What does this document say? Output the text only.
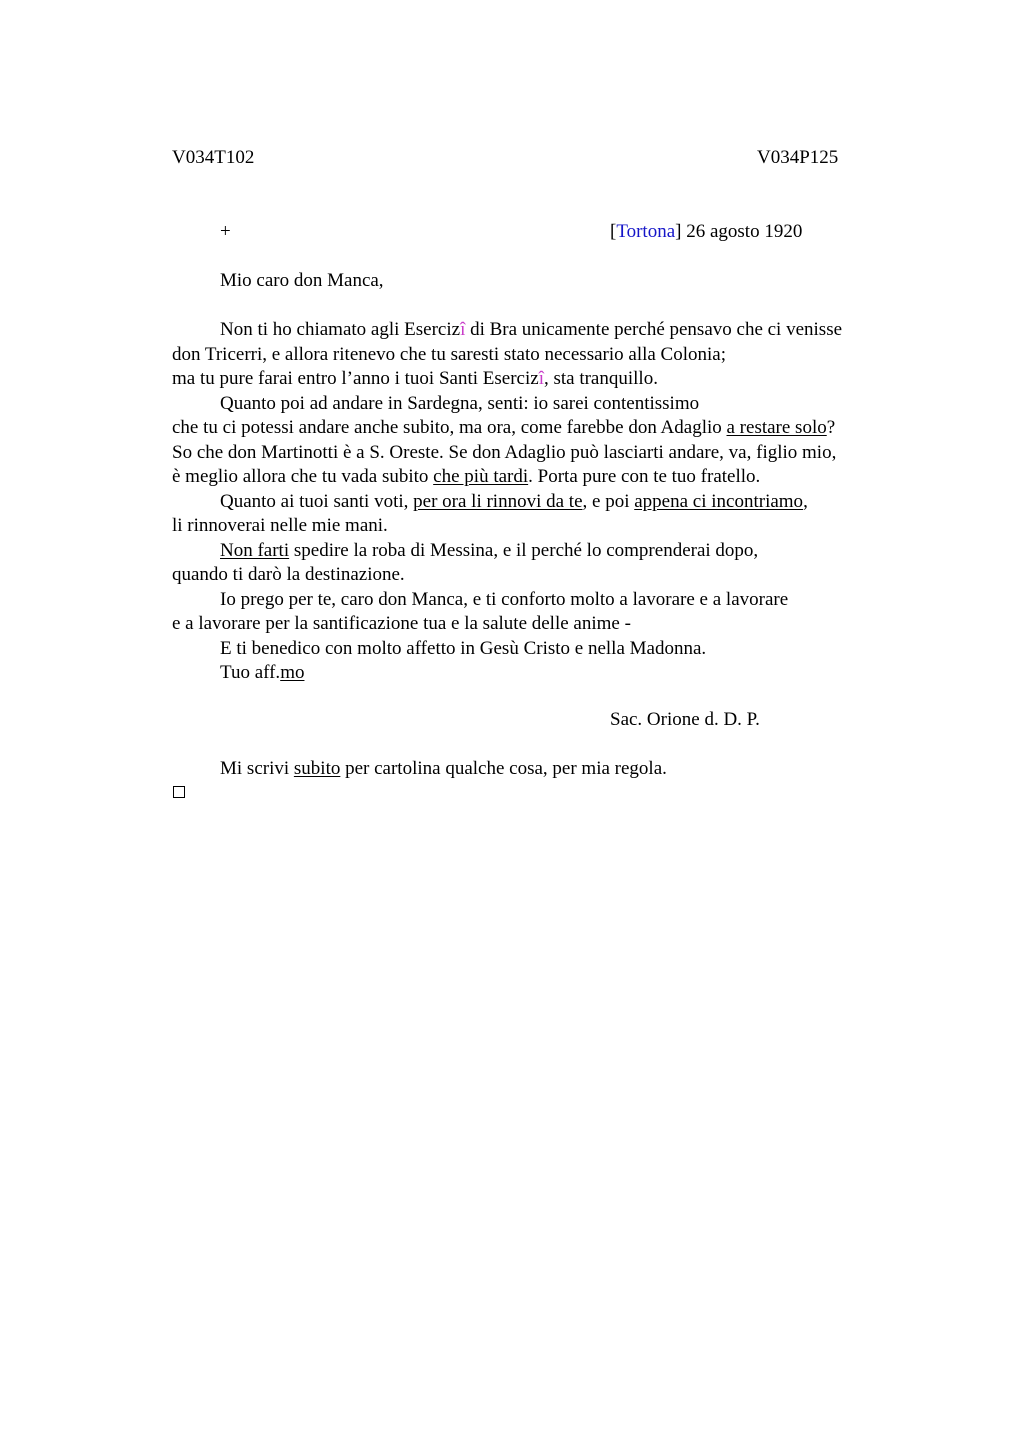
V034T102	V034P125
+	[Tortona] 26 agosto 1920
Mio caro don Manca,
Non ti ho chiamato agli Esercizî di Bra unicamente perché pensavo che ci venisse
don Tricerri, e allora ritenevo che tu saresti stato necessario alla Colonia;
ma tu pure farai entro l’anno i tuoi Santi Esercizî, sta tranquillo.
Quanto poi ad andare in Sardegna, senti: io sarei contentissimo
che tu ci potessi andare anche subito, ma ora, come farebbe don Adaglio a restare solo?
So che don Martinotti è a S. Oreste. Se don Adaglio può lasciarti andare, va, figlio mio,
è meglio allora che tu vada subito che più tardi. Porta pure con te tuo fratello.
Quanto ai tuoi santi voti, per ora li rinnovi da te, e poi appena ci incontriamo,
li rinnoverai nelle mie mani.
Non farti spedire la roba di Messina, e il perché lo comprenderai dopo,
quando ti darò la destinazione.
Io prego per te, caro don Manca, e ti conforto molto a lavorare e a lavorare
e a lavorare per la santificazione tua e la salute delle anime -
E ti benedico con molto affetto in Gesù Cristo e nella Madonna.
Tuo aff.mo
Sac. Orione d. D. P.
Mi scrivi subito per cartolina qualche cosa, per mia regola.
